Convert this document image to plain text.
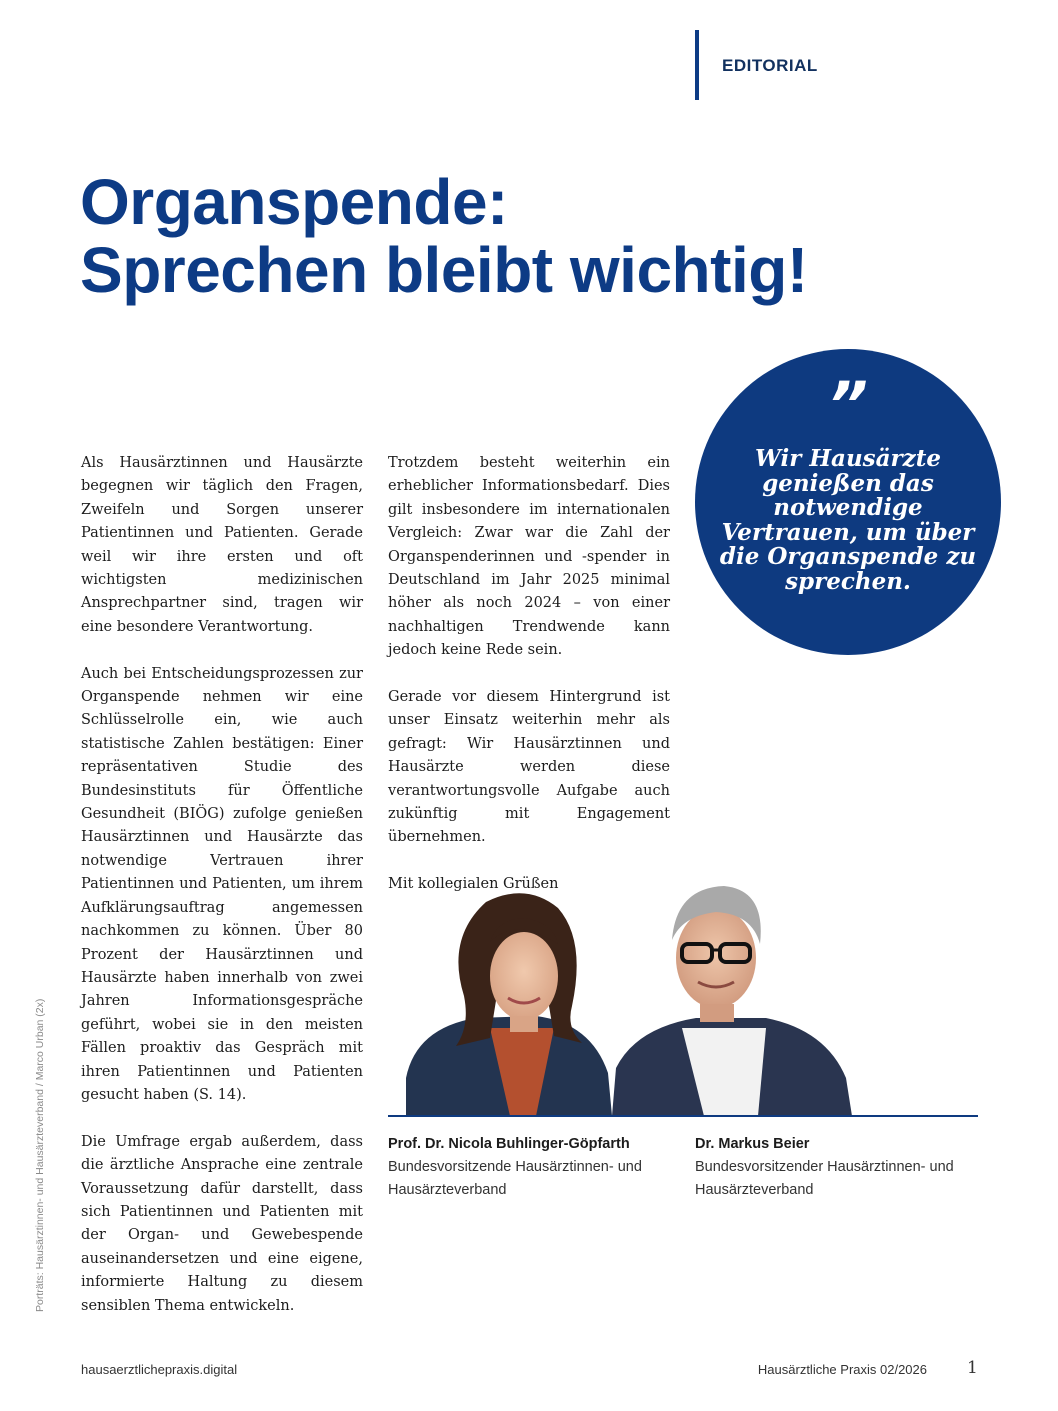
EDITORIAL
Organspende:
Sprechen bleibt wichtig!
”
Wir Hausärzte genießen das notwendige Vertrauen, um über die Organspende zu sprechen.

Als Hausärztinnen und Hausärzte begegnen wir täglich den Fragen, Zweifeln und Sorgen unserer Patientinnen und Patienten. Gerade weil wir ihre ersten und oft wichtigsten medizinischen Ansprechpartner sind, tragen wir eine besondere Verantwortung.

Auch bei Entscheidungsprozessen zur Organspende nehmen wir eine Schlüsselrolle ein, wie auch statistische Zahlen bestätigen: Einer repräsentativen Studie des Bundesinstituts für Öffentliche Gesundheit (BIÖG) zufolge genießen Hausärztinnen und Hausärzte das notwendige Vertrauen ihrer Patientinnen und Patienten, um ihrem Aufklärungsauftrag angemessen nachkommen zu können. Über 80 Prozent der Hausärztinnen und Hausärzte haben innerhalb von zwei Jahren Informationsgespräche geführt, wobei sie in den meisten Fällen proaktiv das Gespräch mit ihren Patientinnen und Patienten gesucht haben (S. 14).

Die Umfrage ergab außerdem, dass die ärztliche Ansprache eine zentrale Voraussetzung dafür darstellt, dass sich Patientinnen und Patienten mit der Organ- und Gewebespende auseinandersetzen und eine eigene, informierte Haltung zu diesem sensiblen Thema entwickeln.

Trotzdem besteht weiterhin ein erheblicher Informationsbedarf. Dies gilt insbesondere im internationalen Vergleich: Zwar war die Zahl der Organspenderinnen und -spender in Deutschland im Jahr 2025 minimal höher als noch 2024 – von einer nachhaltigen Trendwende kann jedoch keine Rede sein.

Gerade vor diesem Hintergrund ist unser Einsatz weiterhin mehr als gefragt: Wir Hausärztinnen und Hausärzte werden diese verantwortungsvolle Aufgabe auch zukünftig mit Engagement übernehmen.

Mit kollegialen Grüßen

Prof. Dr. Nicola Buhlinger-Göpfarth
Bundesvorsitzende Hausärztinnen- und Hausärzteverband
Dr. Markus Beier
Bundesvorsitzender Hausärztinnen- und Hausärzteverband
Porträts: Hausärztinnen- und Hausärzteverband / Marco Urban (2x)
hausaerztlichepraxis.digital	Hausärztliche Praxis 02/2026 1
